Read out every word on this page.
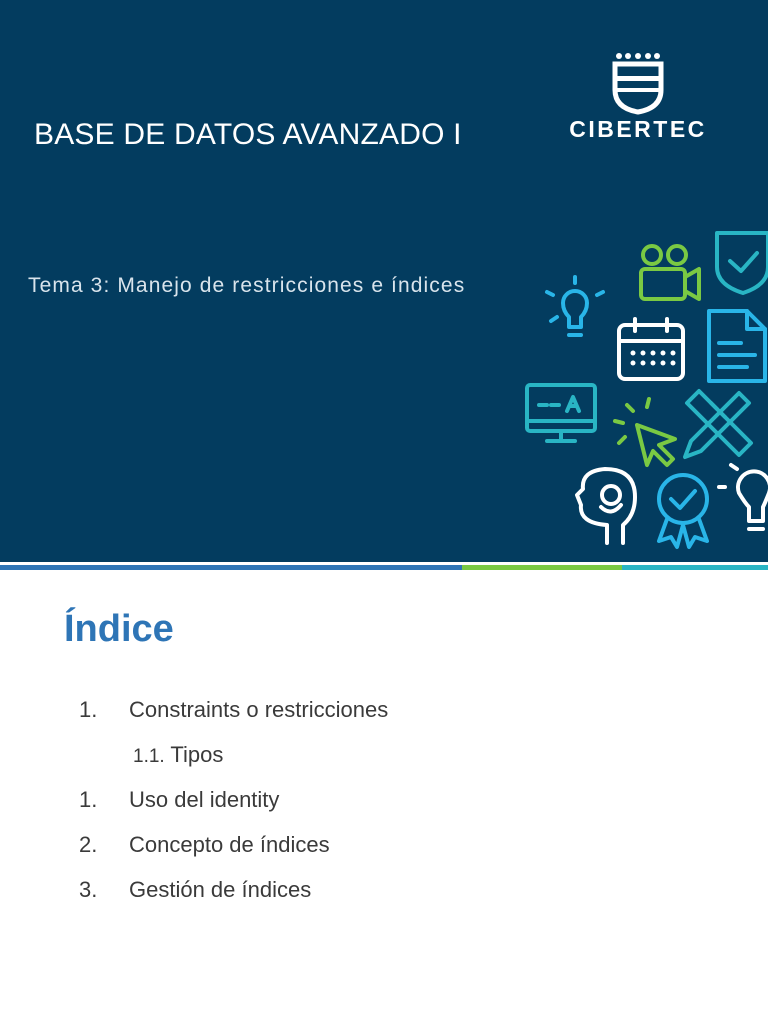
BASE DE DATOS AVANZADO I
Tema 3: Manejo de restricciones e índices
CIBERTEC
Índice
1. Constraints o restricciones
1.1. Tipos
1. Uso del identity
2. Concepto de índices
3. Gestión de índices
